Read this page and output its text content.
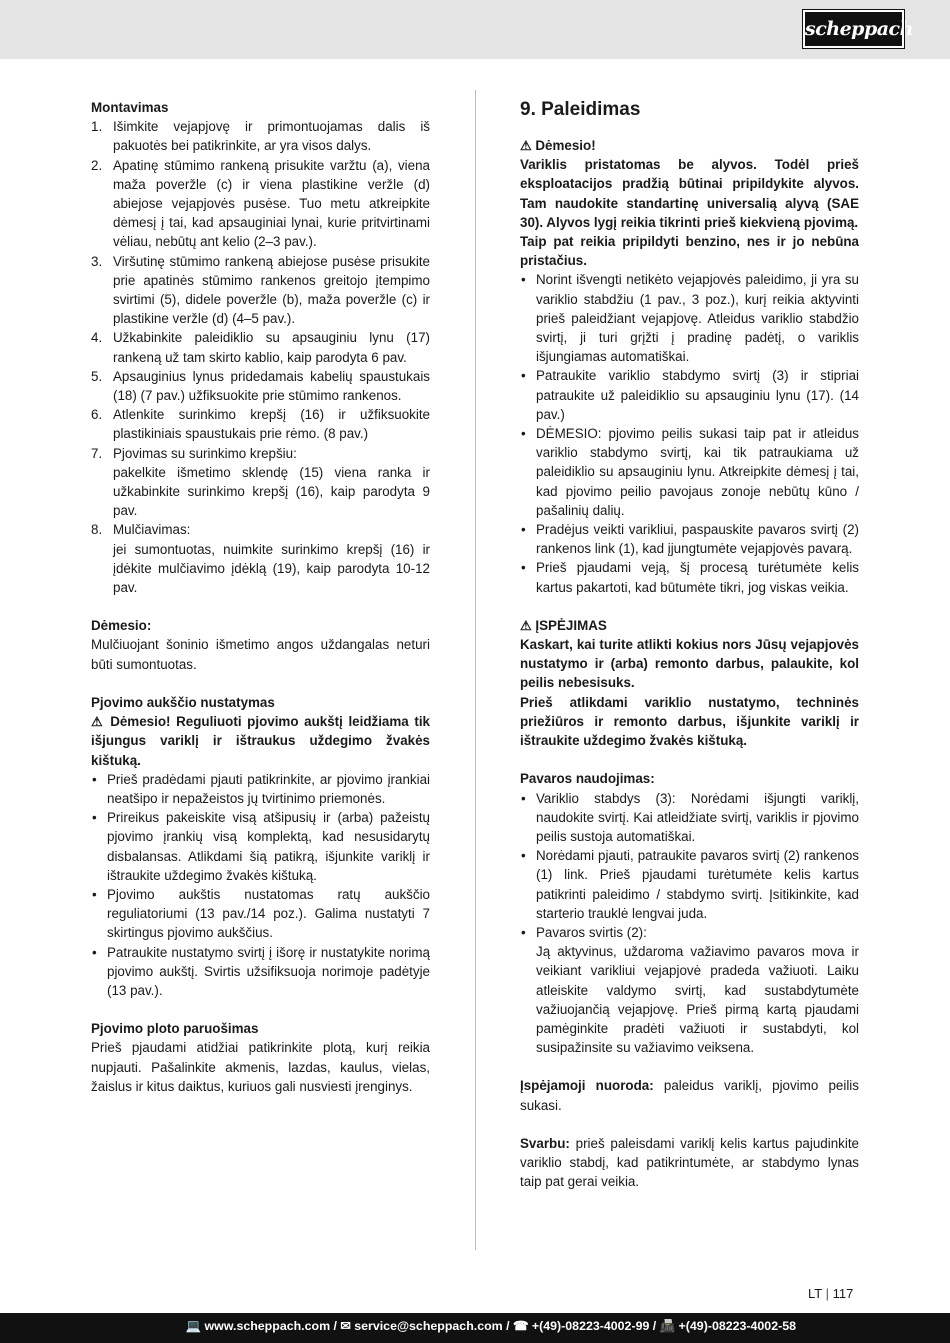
scheppach

Montavimas

1. Išimkite vejapjovę ir primontuojamas dalis iš pakuotės bei patikrinkite, ar yra visos dalys.
2. Apatinę stūmimo rankeną prisukite varžtu (a), viena maža poveržle (c) ir viena plastikine veržle (d) abiejose vejapjovės pusėse. Tuo metu atkreipkite dėmesį į tai, kad apsauginiai lynai, kurie pritvirtinami vėliau, nebūtų ant kelio (2–3 pav.).
3. Viršutinę stūmimo rankeną abiejose pusėse prisukite prie apatinės stūmimo rankenos greitojo įtempimo svirtimi (5), didele poveržle (b), maža poveržle (c) ir plastikine veržle (d) (4–5 pav.).
4. Užkabinkite paleidiklio su apsauginiu lynu (17) rankeną už tam skirto kablio, kaip parodyta 6 pav.
5. Apsauginius lynus pridedamais kabelių spaustukais (18) (7 pav.) užfiksuokite prie stūmimo rankenos.
6. Atlenkite surinkimo krepšį (16) ir užfiksuokite plastikiniais spaustukais prie rėmo. (8 pav.)
7. Pjovimas su surinkimo krepšiu:
pakelkite išmetimo sklendę (15) viena ranka ir užkabinkite surinkimo krepšį (16), kaip parodyta 9 pav.
8. Mulčiavimas:
jei sumontuotas, nuimkite surinkimo krepšį (16) ir įdėkite mulčiavimo įdėklą (19), kaip parodyta 10-12 pav.

Dėmesio:

Mulčiuojant šoninio išmetimo angos uždangalas neturi būti sumontuotas.

Pjovimo aukščio nustatymas

⚠ Dėmesio! Reguliuoti pjovimo aukštį leidžiama tik išjungus variklį ir ištraukus uždegimo žvakės kištuką.

• Prieš pradėdami pjauti patikrinkite, ar pjovimo įrankiai neatšipo ir nepažeistos jų tvirtinimo priemonės.
• Prireikus pakeiskite visą atšipusių ir (arba) pažeistų pjovimo įrankių visą komplektą, kad nesusidarytų disbalansas. Atlikdami šią patikrą, išjunkite variklį ir ištraukite uždegimo žvakės kištuką.
• Pjovimo aukštis nustatomas ratų aukščio reguliatoriumi (13 pav./14 poz.). Galima nustatyti 7 skirtingus pjovimo aukščius.
• Patraukite nustatymo svirtį į išorę ir nustatykite norimą pjovimo aukštį. Svirtis užsifiksuoja norimoje padėtyje (13 pav.).

Pjovimo ploto paruošimas

Prieš pjaudami atidžiai patikrinkite plotą, kurį reikia nupjauti. Pašalinkite akmenis, lazdas, kaulus, vielas, žaislus ir kitus daiktus, kuriuos gali nusviesti įrenginys.

9. Paleidimas

⚠ Dėmesio!

Variklis pristatomas be alyvos. Todėl prieš eksploatacijos pradžią būtinai pripildykite alyvos. Tam naudokite standartinę universalią alyvą (SAE 30). Alyvos lygį reikia tikrinti prieš kiekvieną pjovimą.

Taip pat reikia pripildyti benzino, nes ir jo nebūna pristačius.

• Norint išvengti netikėto vejapjovės paleidimo, ji yra su variklio stabdžiu (1 pav., 3 poz.), kurį reikia aktyvinti prieš paleidžiant vejapjovę. Atleidus variklio stabdžio svirtį, ji turi grįžti į pradinę padėtį, o variklis išjungiamas automatiškai.
• Patraukite variklio stabdymo svirtį (3) ir stipriai patraukite už paleidiklio su apsauginiu lynu (17). (14 pav.)
• DĖMESIO: pjovimo peilis sukasi taip pat ir atleidus variklio stabdymo svirtį, kai tik patraukiama už paleidiklio su apsauginiu lynu. Atkreipkite dėmesį į tai, kad pjovimo peilio pavojaus zonoje nebūtų kūno / pašalinių dalių.
• Pradėjus veikti varikliui, paspauskite pavaros svirtį (2) rankenos link (1), kad įjungtumėte vejapjovės pavarą.
• Prieš pjaudami veją, šį procesą turėtumėte kelis kartus pakartoti, kad būtumėte tikri, jog viskas veikia.

⚠ ĮSPĖJIMAS

Kaskart, kai turite atlikti kokius nors Jūsų vejapjovės nustatymo ir (arba) remonto darbus, palaukite, kol peilis nebesisuks.

Prieš atlikdami variklio nustatymo, techninės priežiūros ir remonto darbus, išjunkite variklį ir ištraukite uždegimo žvakės kištuką.

Pavaros naudojimas:

• Variklio stabdys (3): Norėdami išjungti variklį, naudokite svirtį. Kai atleidžiate svirtį, variklis ir pjovimo peilis sustoja automatiškai.
• Norėdami pjauti, patraukite pavaros svirtį (2) rankenos (1) link. Prieš pjaudami turėtumėte kelis kartus patikrinti paleidimo / stabdymo svirtį. Įsitikinkite, kad starterio trauklė lengvai juda.
• Pavaros svirtis (2):
Ją aktyvinus, uždaroma važiavimo pavaros mova ir veikiant varikliui vejapjovė pradeda važiuoti. Laiku atleiskite valdymo svirtį, kad sustabdytumėte važiuojančią vejapjovę. Prieš pirmą kartą pjaudami pamėginkite pradėti važiuoti ir sustabdyti, kol susipažinsite su važiavimo veiksena.

Įspėjamoji nuoroda: paleidus variklį, pjovimo peilis sukasi.

Svarbu: prieš paleisdami variklį kelis kartus pajudinkite variklio stabdį, kad patikrintumėte, ar stabdymo lynas taip pat gerai veikia.

LT | 117
💻 www.scheppach.com / ✉ service@scheppach.com / ☎ +(49)-08223-4002-99 / 📠 +(49)-08223-4002-58
